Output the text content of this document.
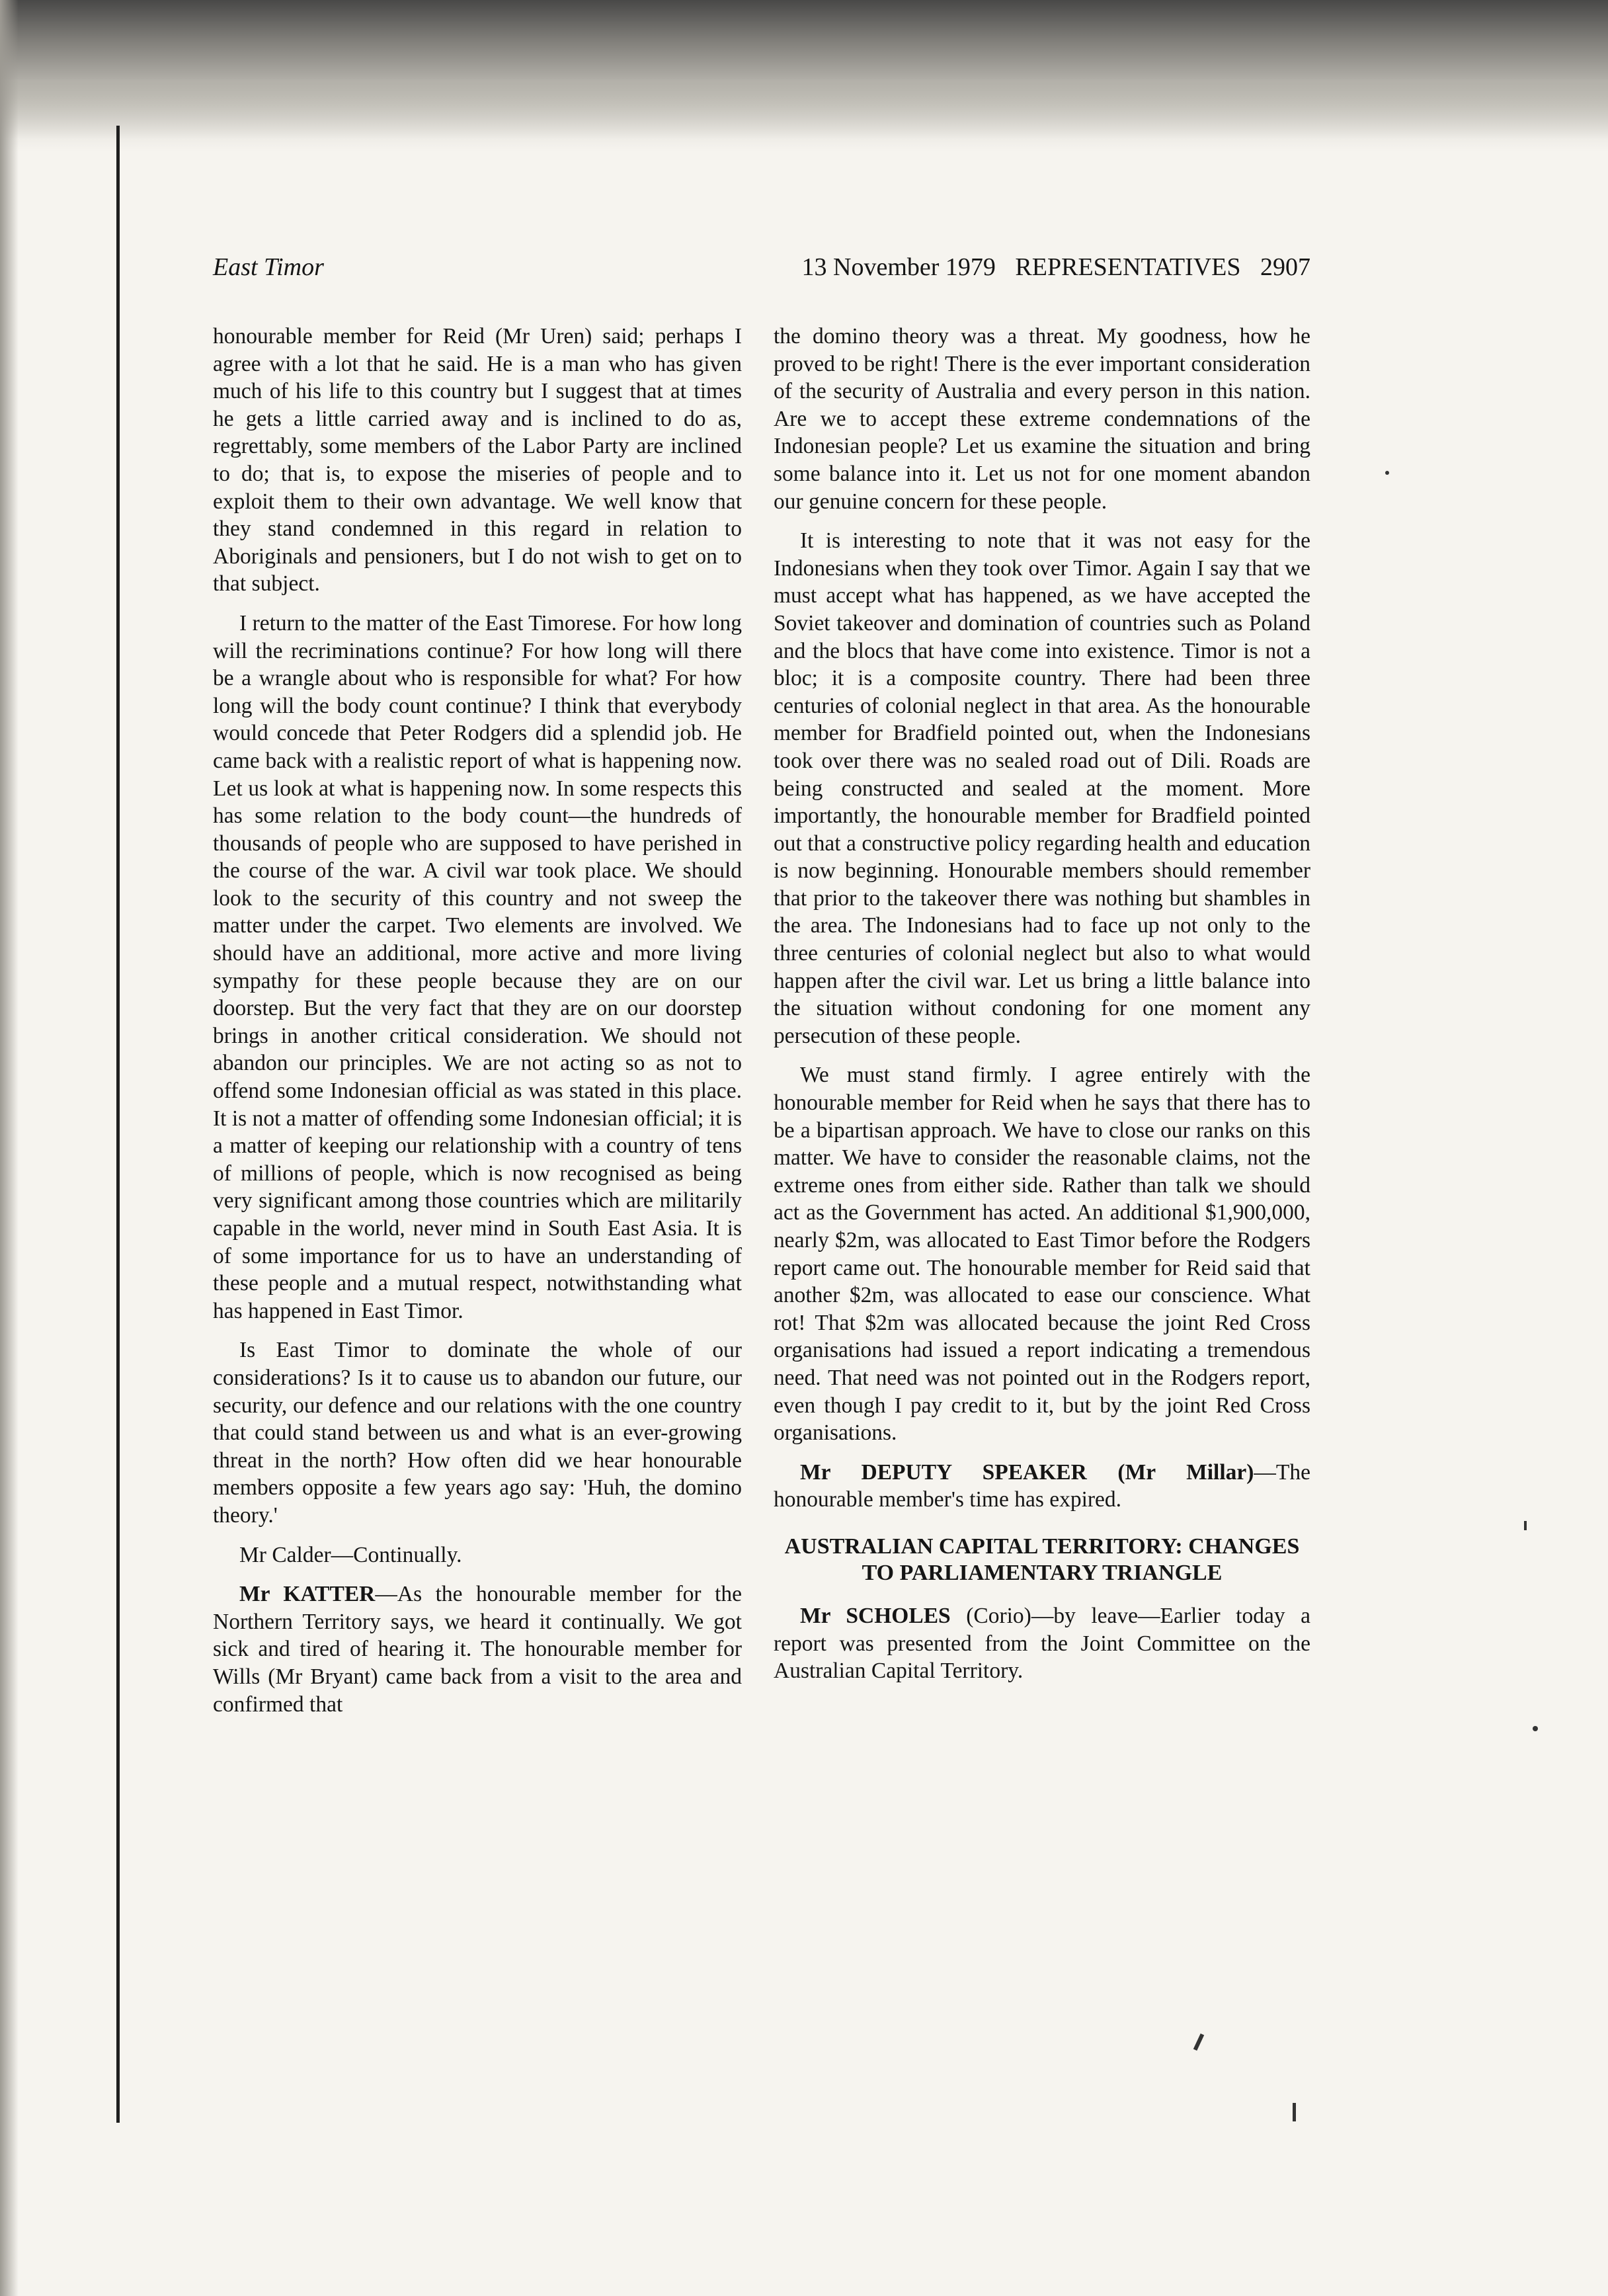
East Timor	13 November 1979 REPRESENTATIVES 2907

honourable member for Reid (Mr Uren) said; perhaps I agree with a lot that he said. He is a man who has given much of his life to this country but I suggest that at times he gets a little carried away and is inclined to do as, regrettably, some members of the Labor Party are inclined to do; that is, to expose the miseries of people and to exploit them to their own advantage. We well know that they stand condemned in this regard in relation to Aboriginals and pensioners, but I do not wish to get on to that subject.

I return to the matter of the East Timorese. For how long will the recriminations continue? For how long will there be a wrangle about who is responsible for what? For how long will the body count continue? I think that everybody would concede that Peter Rodgers did a splendid job. He came back with a realistic report of what is happening now. Let us look at what is happening now. In some respects this has some relation to the body count—the hundreds of thousands of people who are supposed to have perished in the course of the war. A civil war took place. We should look to the security of this country and not sweep the matter under the carpet. Two elements are involved. We should have an additional, more active and more living sympathy for these people because they are on our doorstep. But the very fact that they are on our doorstep brings in another critical consideration. We should not abandon our principles. We are not acting so as not to offend some Indonesian official as was stated in this place. It is not a matter of offending some Indonesian official; it is a matter of keeping our relationship with a country of tens of millions of people, which is now recognised as being very significant among those countries which are militarily capable in the world, never mind in South East Asia. It is of some importance for us to have an understanding of these people and a mutual respect, notwithstanding what has happened in East Timor.

Is East Timor to dominate the whole of our considerations? Is it to cause us to abandon our future, our security, our defence and our relations with the one country that could stand between us and what is an ever-growing threat in the north? How often did we hear honourable members opposite a few years ago say: 'Huh, the domino theory.'

Mr Calder—Continually.

Mr KATTER—As the honourable member for the Northern Territory says, we heard it continually. We got sick and tired of hearing it. The honourable member for Wills (Mr Bryant) came back from a visit to the area and confirmed that

the domino theory was a threat. My goodness, how he proved to be right! There is the ever important consideration of the security of Australia and every person in this nation. Are we to accept these extreme condemnations of the Indonesian people? Let us examine the situation and bring some balance into it. Let us not for one moment abandon our genuine concern for these people.

It is interesting to note that it was not easy for the Indonesians when they took over Timor. Again I say that we must accept what has happened, as we have accepted the Soviet takeover and domination of countries such as Poland and the blocs that have come into existence. Timor is not a bloc; it is a composite country. There had been three centuries of colonial neglect in that area. As the honourable member for Bradfield pointed out, when the Indonesians took over there was no sealed road out of Dili. Roads are being constructed and sealed at the moment. More importantly, the honourable member for Bradfield pointed out that a constructive policy regarding health and education is now beginning. Honourable members should remember that prior to the takeover there was nothing but shambles in the area. The Indonesians had to face up not only to the three centuries of colonial neglect but also to what would happen after the civil war. Let us bring a little balance into the situation without condoning for one moment any persecution of these people.

We must stand firmly. I agree entirely with the honourable member for Reid when he says that there has to be a bipartisan approach. We have to close our ranks on this matter. We have to consider the reasonable claims, not the extreme ones from either side. Rather than talk we should act as the Government has acted. An additional $1,900,000, nearly $2m, was allocated to East Timor before the Rodgers report came out. The honourable member for Reid said that another $2m, was allocated to ease our conscience. What rot! That $2m was allocated because the joint Red Cross organisations had issued a report indicating a tremendous need. That need was not pointed out in the Rodgers report, even though I pay credit to it, but by the joint Red Cross organisations.

Mr DEPUTY SPEAKER (Mr Millar)—The honourable member's time has expired.

AUSTRALIAN CAPITAL TERRITORY: CHANGES TO PARLIAMENTARY TRIANGLE

Mr SCHOLES (Corio)—by leave—Earlier today a report was presented from the Joint Committee on the Australian Capital Territory.
